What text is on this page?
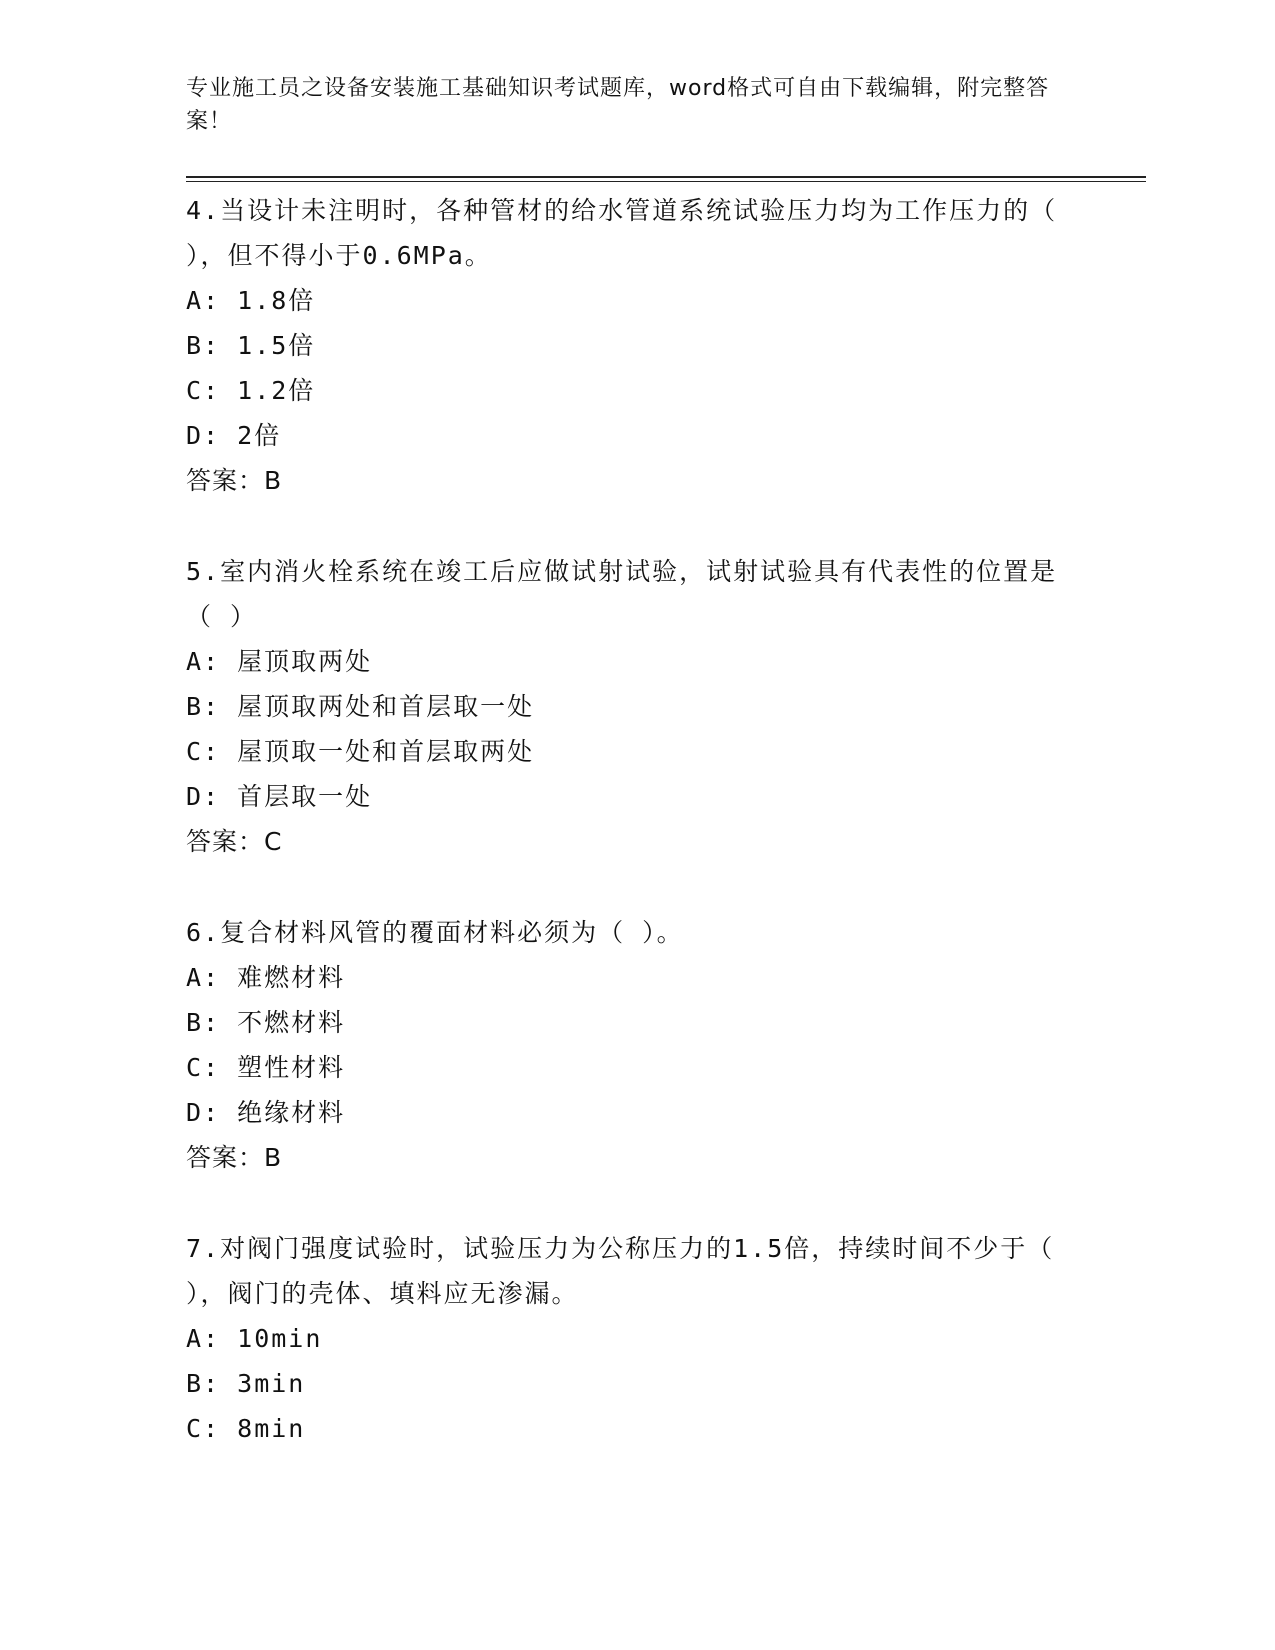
专业施工员之设备安装施工基础知识考试题库，word格式可自由下载编辑，附完整答案！

4.当设计未注明时，各种管材的给水管道系统试验压力均为工作压力的（ ），但不得小于0.6MPa。

A: 1.8倍

B: 1.5倍

C: 1.2倍

D: 2倍

答案：B

5.室内消火栓系统在竣工后应做试射试验，试射试验具有代表性的位置是（ ）

A: 屋顶取两处

B: 屋顶取两处和首层取一处

C: 屋顶取一处和首层取两处

D: 首层取一处

答案：C

6.复合材料风管的覆面材料必须为（ ）。

A: 难燃材料

B: 不燃材料

C: 塑性材料

D: 绝缘材料

答案：B

7.对阀门强度试验时，试验压力为公称压力的1.5倍，持续时间不少于（ ），阀门的壳体、填料应无渗漏。

A: 10min

B: 3min

C: 8min
